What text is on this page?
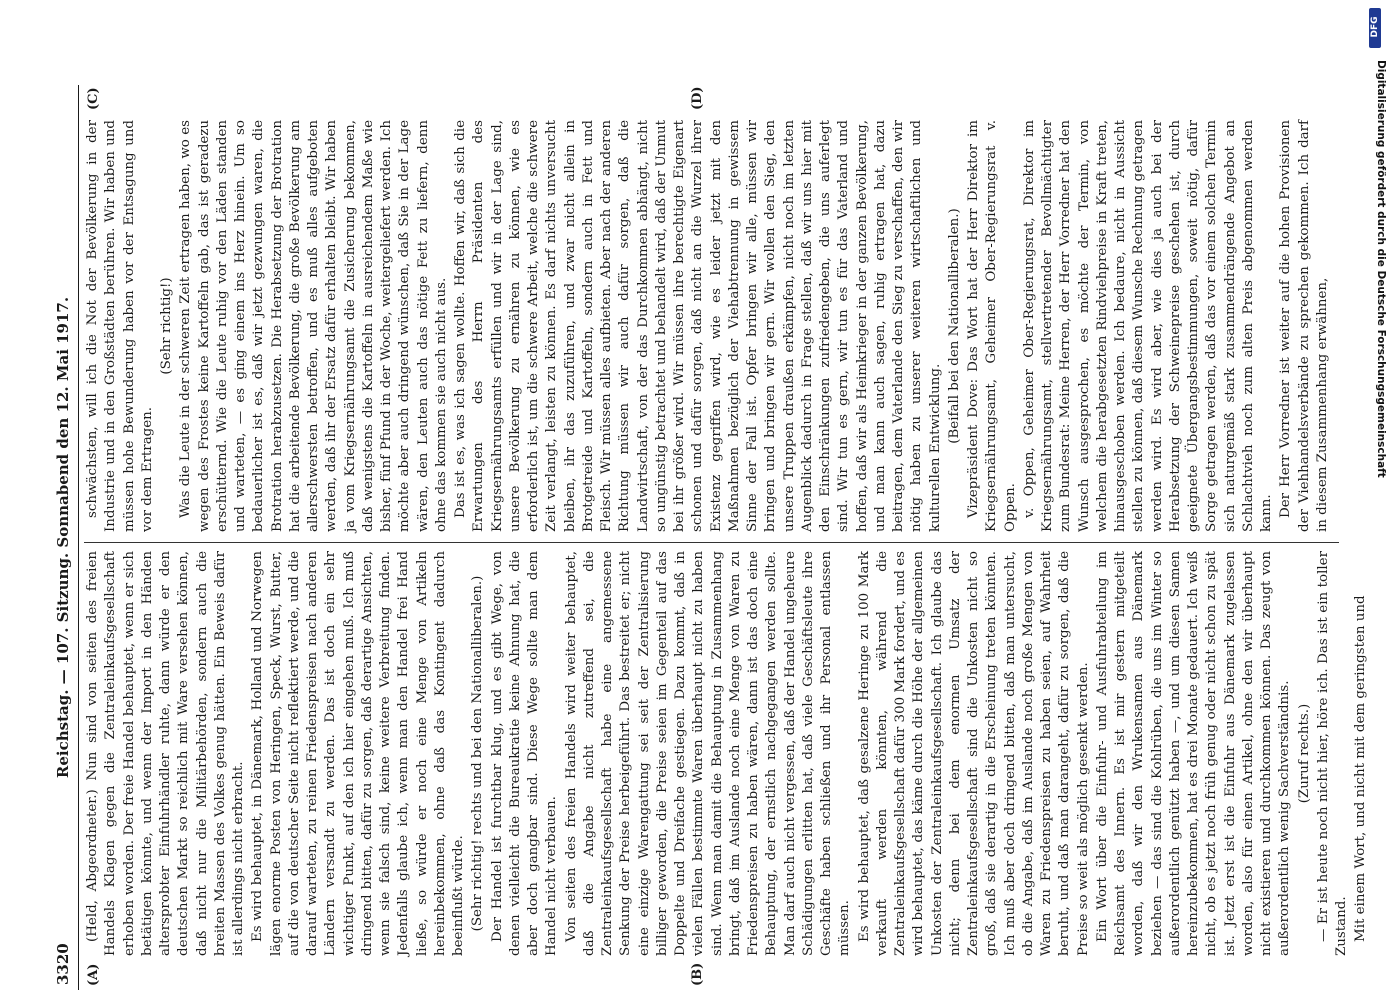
3320
Reichstag. — 107. Sitzung. Sonnabend den 12. Mai 1917.
(A)	(B)
(C)	(D)

(Held, Abgeordneter.) Nun sind von seiten des freien Handels Klagen gegen die Zentraleinkaufsgesellschaft erhoben worden. Der freie Handel behauptet, wenn er sich betätigen könnte, und wenn der Import in den Händen altersprobter Einfuhrhändler ruhte, dann würde er den deutschen Markt so reichlich mit Ware versehen können, daß nicht nur die Militärbehörden, sondern auch die breiten Massen des Volkes genug hätten. Ein Beweis dafür ist allerdings nicht erbracht. Es wird behauptet, in Dänemark, Holland und Norwegen lägen enorme Posten von Heringen, Speck, Wurst, Butter, auf die von deutscher Seite nicht reflektiert werde, und die darauf warteten, zu reinen Friedenspreisen nach anderen Ländern versandt zu werden. Das ist doch ein sehr wichtiger Punkt, auf den ich hier eingehen muß. Ich muß dringend bitten, dafür zu sorgen, daß derartige Ansichten, wenn sie falsch sind, keine weitere Verbreitung finden. Jedenfalls glaube ich, wenn man den Handel frei Hand ließe, so würde er noch eine Menge von Artikeln hereinbekommen, ohne daß das Kontingent dadurch beeinflußt würde. (Sehr richtig! rechts und bei den Nationalliberalen.) Der Handel ist furchtbar klug, und es gibt Wege, von denen vielleicht die Bureaukratie keine Ahnung hat, die aber doch gangbar sind. Diese Wege sollte man dem Handel nicht verbauen. Von seiten des freien Handels wird weiter behauptet, daß die Angabe nicht zutreffend sei, die Zentraleinkaufsgesellschaft habe eine angemessene Senkung der Preise herbeigeführt. Das bestreitet er; nicht eine einzige Warengattung sei seit der Zentralisierung billiger geworden, die Preise seien im Gegenteil auf das Doppelte und Dreifache gestiegen. Dazu kommt, daß in vielen Fällen bestimmte Waren überhaupt nicht zu haben sind. Wenn man damit die Behauptung in Zusammenhang bringt, daß im Auslande noch eine Menge von Waren zu Friedenspreisen zu haben wären, dann ist das doch eine Behauptung, der ernstlich nachgegangen werden sollte. Man darf auch nicht vergessen, daß der Handel ungeheure Schädigungen erlitten hat, daß viele Geschäftsleute ihre Geschäfte haben schließen und ihr Personal entlassen müssen. Es wird behauptet, daß gesalzene Heringe zu 100 Mark verkauft werden könnten, während die Zentraleinkaufsgesellschaft dafür 300 Mark fordert, und es wird behauptet, das käme durch die Höhe der allgemeinen Unkosten der Zentraleinkaufsgesellschaft. Ich glaube das nicht; denn bei dem enormen Umsatz der Zentraleinkaufsgesellschaft sind die Unkosten nicht so groß, daß sie derartig in die Erscheinung treten könnten. Ich muß aber doch dringend bitten, daß man untersucht, ob die Angabe, daß im Auslande noch große Mengen von Waren zu Friedenspreisen zu haben seien, auf Wahrheit beruht, und daß man darangeht, dafür zu sorgen, daß die Preise so weit als möglich gesenkt werden. Ein Wort über die Einfuhr- und Ausfuhrabteilung im Reichsamt des Innern. Es ist mir gestern mitgeteilt worden, daß wir den Wrukensamen aus Dänemark beziehen — das sind die Kohlrüben, die uns im Winter so außerordentlich genützt haben —, und um diesen Samen hereinzubekommen, hat es drei Monate gedauert. Ich weiß nicht, ob es jetzt noch früh genug oder nicht schon zu spät ist. Jetzt erst ist die Einfuhr aus Dänemark zugelassen worden, also für einen Artikel, ohne den wir überhaupt nicht existieren und durchkommen können. Das zeugt von außerordentlich wenig Sachverständnis. (Zuruf rechts.) — Er ist heute noch nicht hier, höre ich. Das ist ein toller Zustand. Mit einem Wort, und nicht mit dem geringsten und

schwächsten, will ich die Not der Bevölkerung in der Industrie und in den Großstädten berühren. Wir haben und müssen hohe Bewunderung haben vor der Entsagung und vor dem Ertragen.

(Sehr richtig!) Was die Leute in der schweren Zeit ertragen haben, wo es wegen des Frostes keine Kartoffeln gab, das ist geradezu erschütternd. Wie die Leute ruhig vor den Läden standen und warteten, — es ging einem ins Herz hinein. Um so bedauerlicher ist es, daß wir jetzt gezwungen waren, die Brotration herabzusetzen. Die Herabsetzung der Brotration hat die arbeitende Bevölkerung, die große Bevölkerung am allerschwersten betroffen, und es muß alles aufgeboten werden, daß ihr der Ersatz dafür erhalten bleibt. Wir haben ja vom Kriegsernährungsamt die Zusicherung bekommen, daß wenigstens die Kartoffeln in ausreichendem Maße wie bisher, fünf Pfund in der Woche, weitergeliefert werden. Ich möchte aber auch dringend wünschen, daß Sie in der Lage wären, den Leuten auch das nötige Fett zu liefern, denn ohne das kommen sie auch nicht aus. Das ist es, was ich sagen wollte. Hoffen wir, daß sich die Erwartungen des Herrn Präsidenten des Kriegsernährungsamts erfüllen und wir in der Lage sind, unsere Bevölkerung zu ernähren zu können, wie es erforderlich ist, um die schwere Arbeit, welche die schwere Zeit verlangt, leisten zu können. Es darf nichts unversucht bleiben, ihr das zuzuführen, und zwar nicht allein in Brotgetreide und Kartoffeln, sondern auch in Fett und Fleisch. Wir müssen alles aufbieten. Aber nach der anderen Richtung müssen wir auch dafür sorgen, daß die Landwirtschaft, von der das Durchkommen abhängt, nicht so ungünstig betrachtet und behandelt wird, daß der Unmut bei ihr größer wird. Wir müssen ihre berechtigte Eigenart schonen und dafür sorgen, daß nicht an die Wurzel ihrer Existenz gegriffen wird, wie es leider jetzt mit den Maßnahmen bezüglich der Viehabtrennung in gewissem Sinne der Fall ist. Opfer bringen wir alle, müssen wir bringen und bringen wir gern. Wir wollen den Sieg, den unsere Truppen draußen erkämpfen, nicht noch im letzten Augenblick dadurch in Frage stellen, daß wir uns hier mit den Einschränkungen zufriedengeben, die uns auferlegt sind. Wir tun es gern, wir tun es für das Vaterland und hoffen, daß wir als Heimkrieger in der ganzen Bevölkerung, und man kann auch sagen, ruhig ertragen hat, dazu beitragen, dem Vaterlande den Sieg zu verschaffen, den wir nötig haben zu unserer weiteren wirtschaftlichen und kulturellen Entwicklung.

(Beifall bei den Nationalliberalen.) Vizepräsident Dove: Das Wort hat der Herr Direktor im Kriegsernährungsamt, Geheimer Ober-Regierungsrat v. Oppen. v. Oppen, Geheimer Ober-Regierungsrat, Direktor im Kriegsernährungsamt, stellvertretender Bevollmächtigter zum Bundesrat: Meine Herren, der Herr Vorredner hat den Wunsch ausgesprochen, es möchte der Termin, von welchem die herabgesetzten Rindviehpreise in Kraft treten, hinausgeschoben werden. Ich bedaure, nicht in Aussicht stellen zu können, daß diesem Wunsche Rechnung getragen werden wird. Es wird aber, wie dies ja auch bei der Herabsetzung der Schweinepreise geschehen ist, durch geeignete Übergangsbestimmungen, soweit nötig, dafür Sorge getragen werden, daß das vor einem solchen Termin sich naturgemäß stark zusammendrängende Angebot an Schlachtvieh noch zum alten Preis abgenommen werden kann. Der Herr Vorredner ist weiter auf die hohen Provisionen der Viehhandelsverbände zu sprechen gekommen. Ich darf in diesem Zusammenhang erwähnen,

DFG
Digitalisierung gefördert durch die Deutsche Forschungsgemeinschaft
